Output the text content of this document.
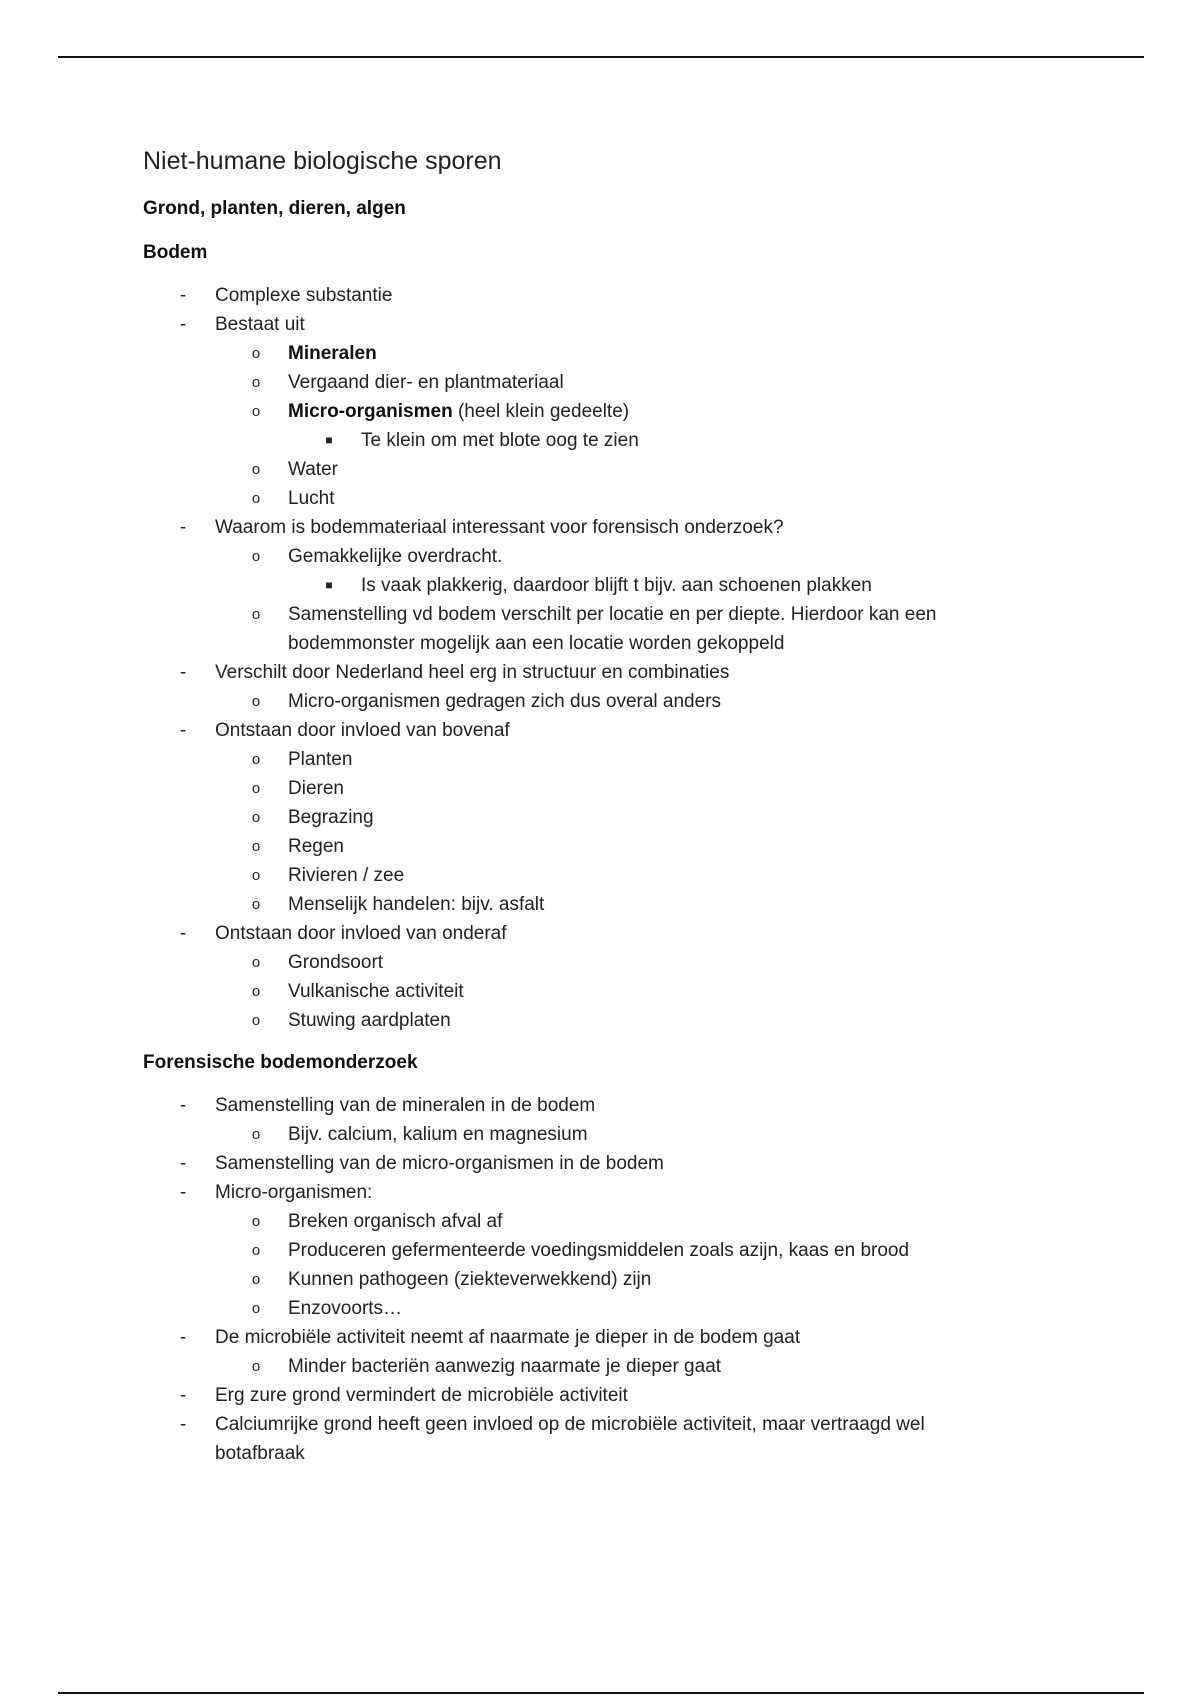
Niet-humane biologische sporen
Grond, planten, dieren, algen
Bodem
-	Complexe substantie
-	Bestaat uit
o	Mineralen
o	Vergaand dier- en plantmateriaal
o	Micro-organismen (heel klein gedeelte)
■	Te klein om met blote oog te zien
o	Water
o	Lucht
-	Waarom is bodemmateriaal interessant voor forensisch onderzoek?
o	Gemakkelijke overdracht.
■	Is vaak plakkerig, daardoor blijft t bijv. aan schoenen plakken
o	Samenstelling vd bodem verschilt per locatie en per diepte. Hierdoor kan een
bodemmonster mogelijk aan een locatie worden gekoppeld
-	Verschilt door Nederland heel erg in structuur en combinaties
o	Micro-organismen gedragen zich dus overal anders
-	Ontstaan door invloed van bovenaf
o	Planten
o	Dieren
o	Begrazing
o	Regen
o	Rivieren / zee
o	Menselijk handelen: bijv. asfalt
-	Ontstaan door invloed van onderaf
o	Grondsoort
o	Vulkanische activiteit
o	Stuwing aardplaten
Forensische bodemonderzoek
-	Samenstelling van de mineralen in de bodem
o	Bijv. calcium, kalium en magnesium
-	Samenstelling van de micro-organismen in de bodem
-	Micro-organismen:
o	Breken organisch afval af
o	Produceren gefermenteerde voedingsmiddelen zoals azijn, kaas en brood
o	Kunnen pathogeen (ziekteverwekkend) zijn
o	Enzovoorts…
-	De microbiële activiteit neemt af naarmate je dieper in de bodem gaat
o	Minder bacteriën aanwezig naarmate je dieper gaat
-	Erg zure grond vermindert de microbiële activiteit
-	Calciumrijke grond heeft geen invloed op de microbiële activiteit, maar vertraagd wel
botafbraak
